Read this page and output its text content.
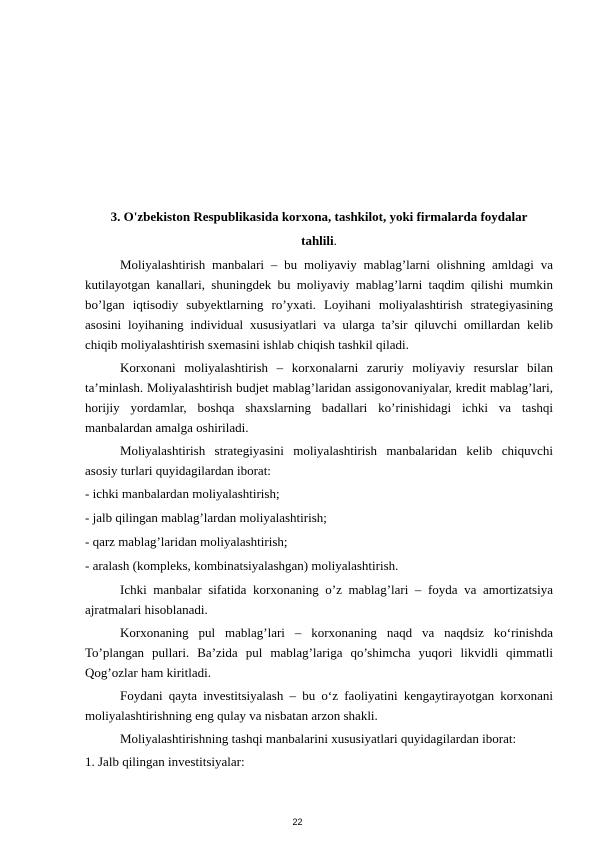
3. O'zbekiston Respublikasida korxona, tashkilot, yoki firmalarda foydalar
tahlili.

Moliyalashtirish manbalari – bu moliyaviy mablag’larni olishning amldagi va kutilayotgan kanallari, shuningdek bu moliyaviy mablag’larni taqdim qilishi mumkin bo’lgan iqtisodiy subyektlarning ro’yxati. Loyihani moliyalashtirish strategiyasining asosini loyihaning individual xususiyatlari va ularga ta’sir qiluvchi omillardan kelib chiqib moliyalashtirish sxemasini ishlab chiqish tashkil qiladi.

Korxonani moliyalashtirish – korxonalarni zaruriy moliyaviy resurslar bilan ta’minlash. Moliyalashtirish budjet mablag’laridan assigonovaniyalar, kredit mablag’lari, horijiy yordamlar, boshqa shaxslarning badallari ko’rinishidagi ichki va tashqi manbalardan amalga oshiriladi.

Moliyalashtirish strategiyasini moliyalashtirish manbalaridan kelib chiquvchi asosiy turlari quyidagilardan iborat:

- ichki manbalardan moliyalashtirish;

- jalb qilingan mablag’lardan moliyalashtirish;

- qarz mablag’laridan moliyalashtirish;

- aralash (kompleks, kombinatsiyalashgan) moliyalashtirish.

Ichki manbalar sifatida korxonaning o’z mablag’lari – foyda va amortizatsiya ajratmalari hisoblanadi.

Korxonaning pul mablag’lari – korxonaning naqd va naqdsiz ko‘rinishda To’plangan pullari. Ba’zida pul mablag’lariga qo’shimcha yuqori likvidli qimmatli Qog’ozlar ham kiritladi.

Foydani qayta investitsiyalash – bu o‘z faoliyatini kengaytirayotgan korxonani moliyalashtirishning eng qulay va nisbatan arzon shakli.

Moliyalashtirishning tashqi manbalarini xususiyatlari quyidagilardan iborat:

1. Jalb qilingan investitsiyalar:

22
